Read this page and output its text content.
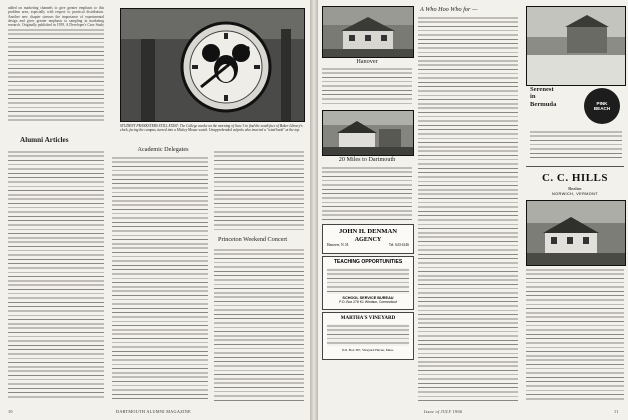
added on marketing channels to give greater emphasis to this problem area, especially with respect to practical distribution. Another new chapter stresses the importance of experimental design and gives greater emphasis to sampling in marketing research. Originally published in 1959, A Developer's Case Study
STUDENT PRANKSTERS STILL EXIST: The College awoke on the morning of June 3 to find the south face of Baker Library's clock, facing the campus, turned into a Mickey Mouse watch. Unapprehended culprits also inserted a "wind knob" at the top.
Alumni Articles
Academic Delegates
Princeton Weekend Concert
10	DARTMOUTH ALUMNI MAGAZINE
Hanover
20 Miles to Dartmouth
JOHN H. DENMAN
AGENCY
Hanover, N. H.	Tel. 643-4146
TEACHING OPPORTUNITIES
SCHOOL SERVICE BUREAU
P.O. Box 278 K1 Windsor, Connecticut
MARTHA'S VINEYARD
P.O. Box 367, Vineyard Haven, Mass.
A Who Hoo Who for —
Serenest
in
Bermuda	PINK BEACH
C. C. HILLS
Realtor
NORWICH, VERMONT
Issue of JULY 1966	11
